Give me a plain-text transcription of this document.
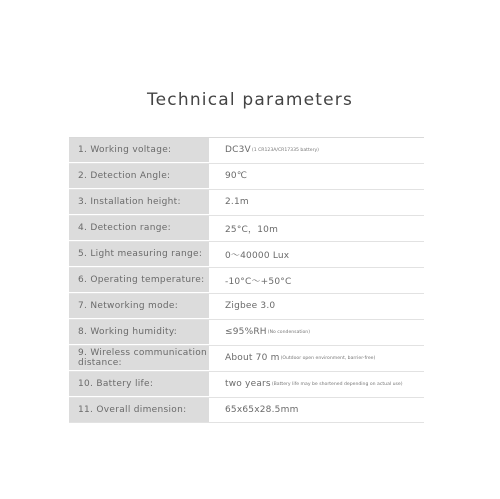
Technical parameters
1. Working voltage:	DC3V (1 CR123A/CR17335 battery)
2. Detection Angle:	90℃
3. Installation height:	2.1m
4. Detection range:	25°C，10m
5. Light measuring range:	0～40000 Lux
6. Operating temperature:	-10°C～+50°C
7. Networking mode:	Zigbee 3.0
8. Working humidity:	≤95%RH (No condensation)
9. Wireless communication distance:	About 70 m (Outdoor open environment, barrier-free)
10. Battery life:	two years (Battery life may be shortened depending on actual use)
11. Overall dimension:	65x65x28.5mm
